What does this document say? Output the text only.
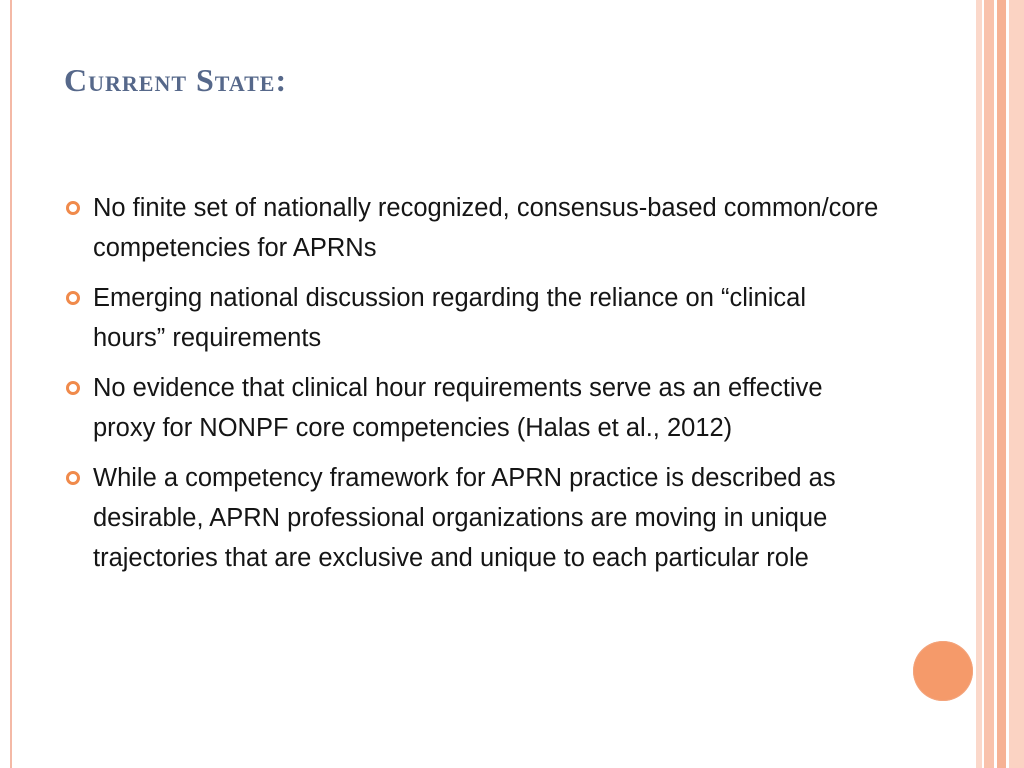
Current State:
No finite set of nationally recognized, consensus-based common/core competencies for APRNs
Emerging national discussion regarding the reliance on “clinical hours” requirements
No evidence that clinical hour requirements serve as an effective proxy for NONPF core competencies (Halas et al., 2012)
While a competency framework for APRN practice is described as desirable, APRN professional organizations are moving in unique trajectories that are exclusive and unique to each particular role
